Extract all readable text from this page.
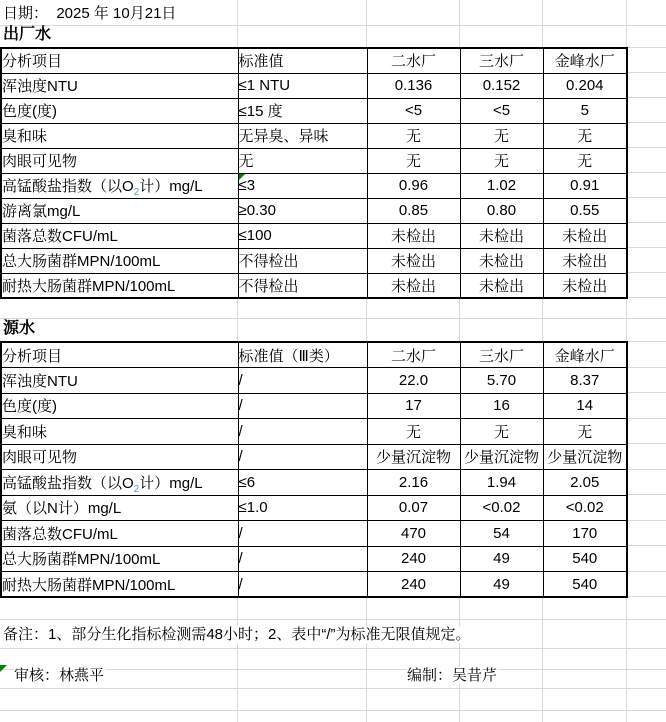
日期：  2025 年 10月21日
出厂水
分析项目	标准值	二水厂	三水厂	金峰水厂
浑浊度NTU	≤1 NTU	0.136	0.152	0.204
色度(度)	≤15 度	<5	<5	5
臭和味	无异臭、异味	无	无	无
肉眼可见物	无	无	无	无
高锰酸盐指数（以$O_2$计）mg/L	≤3	0.96	1.02	0.91
游离氯mg/L	≥0.30	0.85	0.80	0.55
菌落总数CFU/mL	≤100	未检出	未检出	未检出
总大肠菌群MPN/100mL	不得检出	未检出	未检出	未检出
耐热大肠菌群MPN/100mL	不得检出	未检出	未检出	未检出
源水
分析项目	标准值（Ⅲ类）	二水厂	三水厂	金峰水厂
浑浊度NTU	/	22.0	5.70	8.37
色度(度)	/	17	16	14
臭和味	/	无	无	无
肉眼可见物	/	少量沉淀物	少量沉淀物	少量沉淀物
高锰酸盐指数（以$O_2$计）mg/L	≤6	2.16	1.94	2.05
氨（以N计）mg/L	≤1.0	0.07	<0.02	<0.02
菌落总数CFU/mL	/	470	54	170
总大肠菌群MPN/100mL	/	240	49	540
耐热大肠菌群MPN/100mL	/	240	49	540
备注：1、部分生化指标检测需48小时；2、表中“/”为标准无限值规定。
审核：林燕平	编制：吴昔芹
